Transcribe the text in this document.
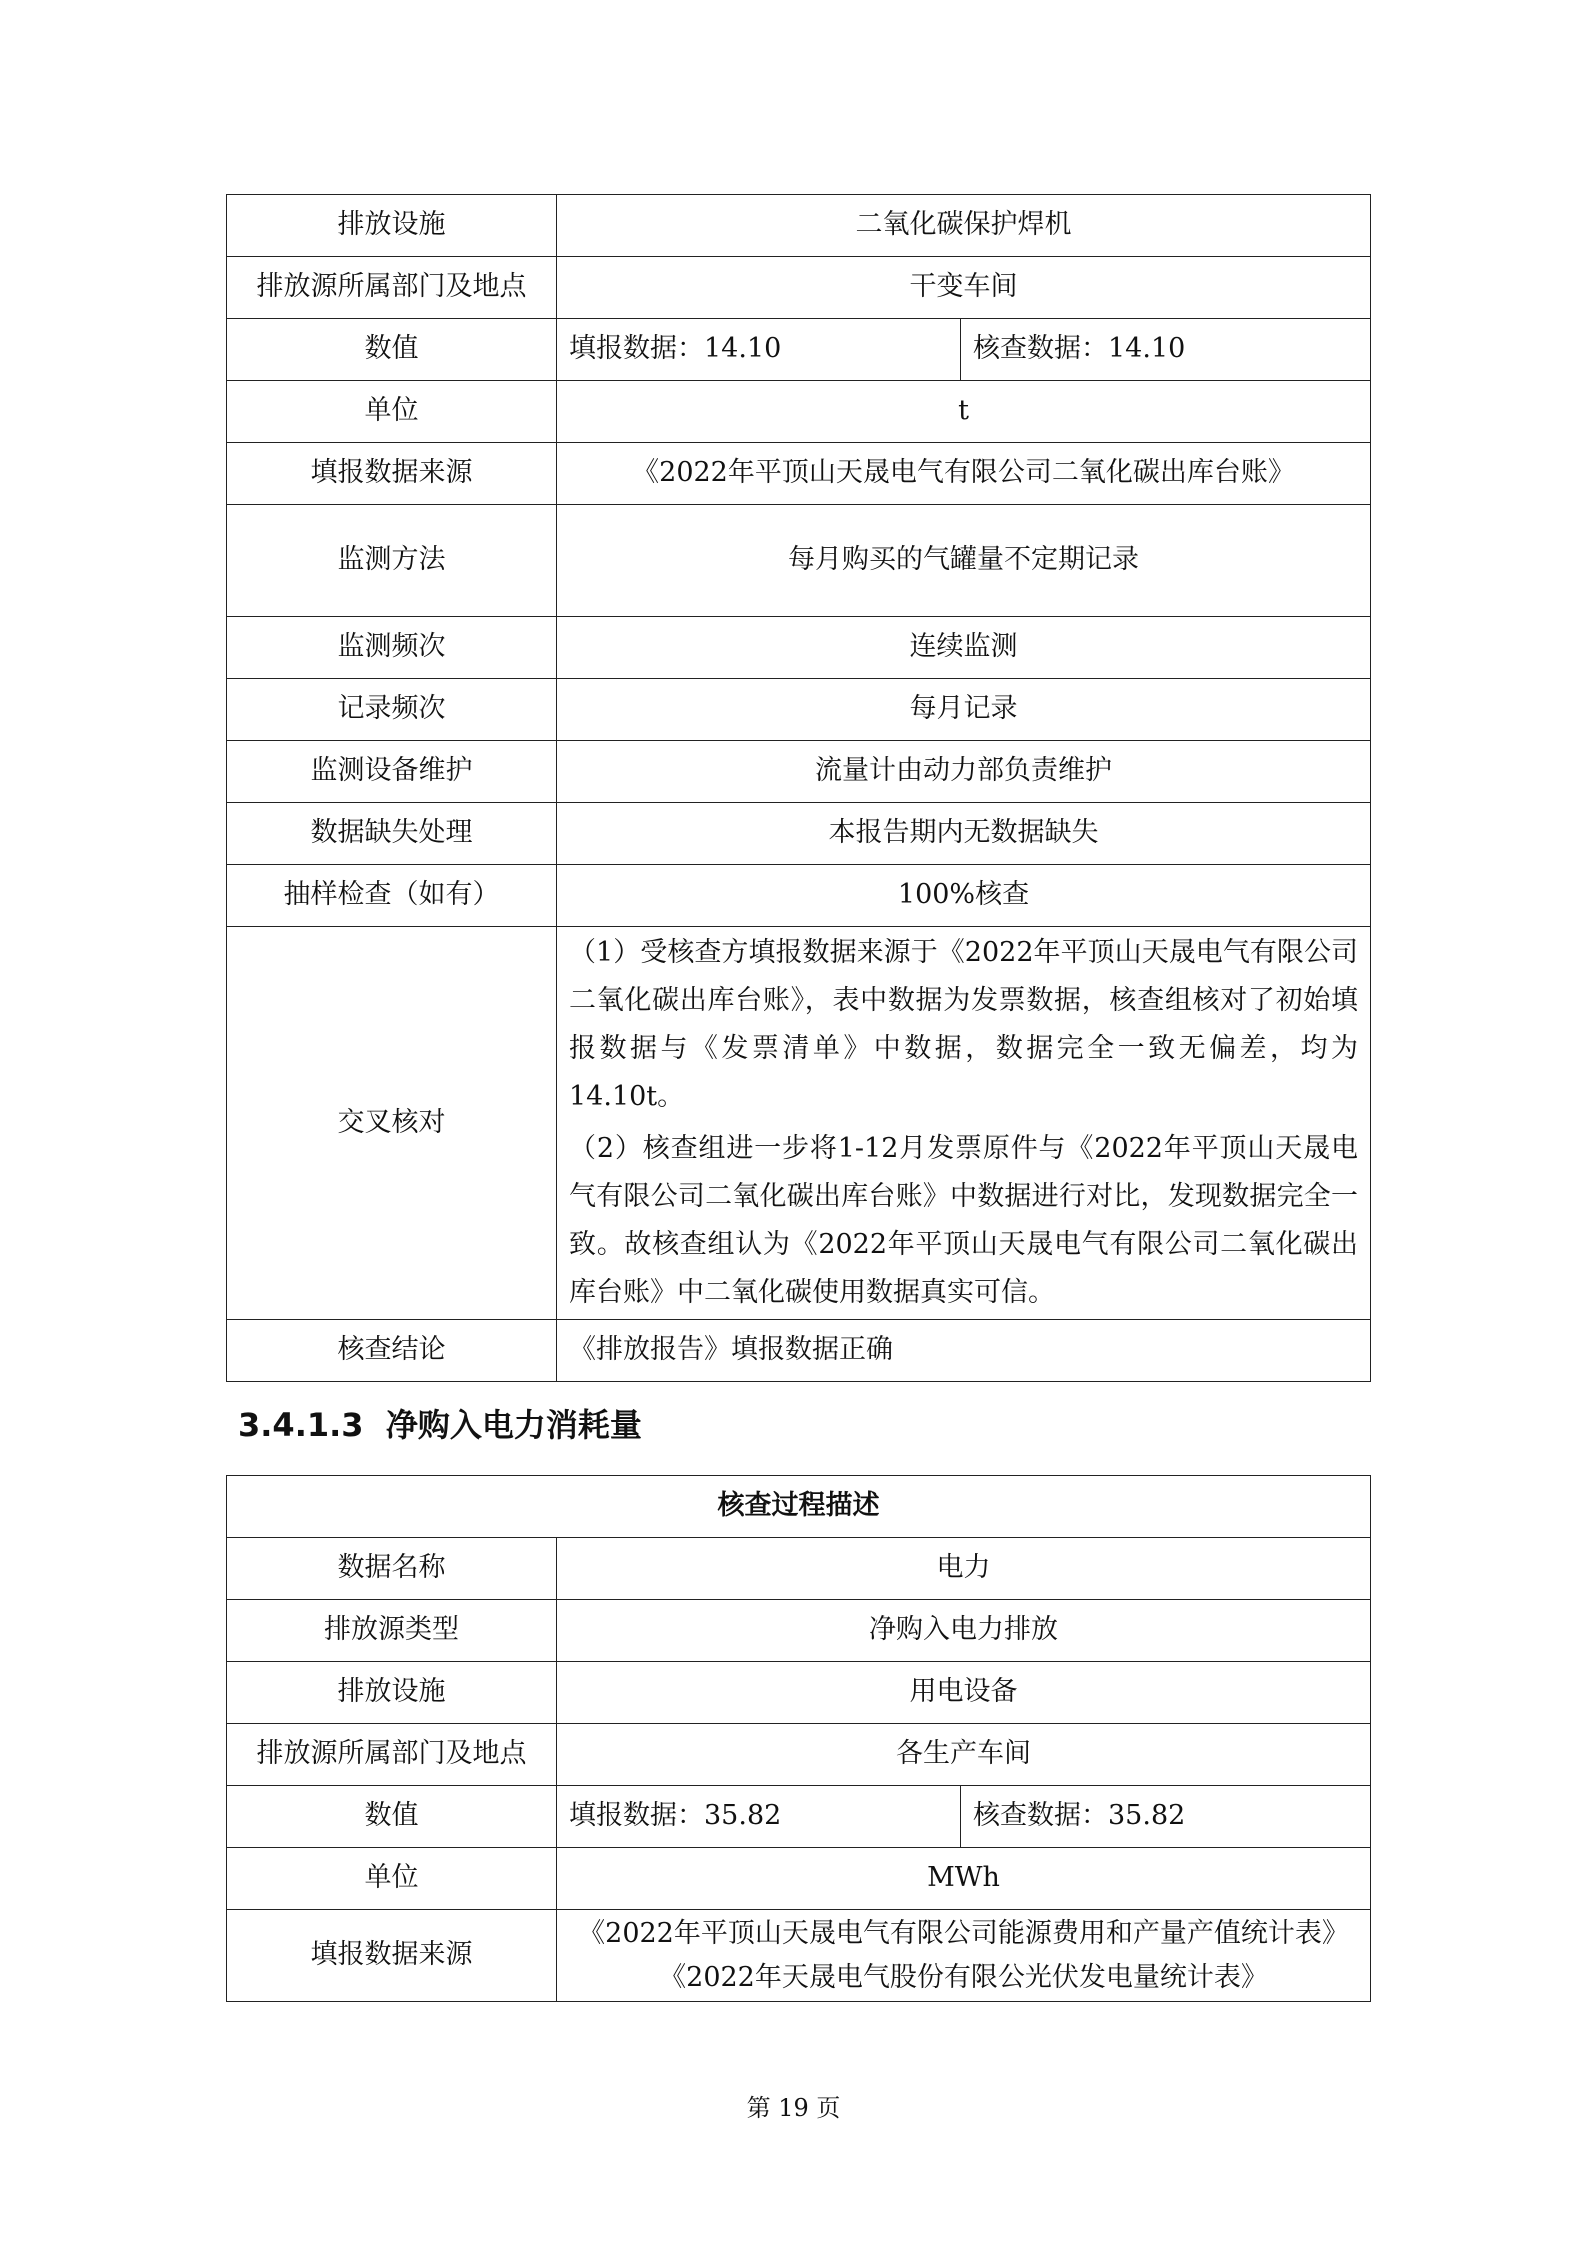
排放设施	二氧化碳保护焊机	
排放源所属部门及地点	干变车间	
数值	填报数据：14.10	核查数据：14.10
单位	t	
填报数据来源	《2022年平顶山天晟电气有限公司二氧化碳出库台账》	
监测方法	每月购买的气罐量不定期记录	
监测频次	连续监测	
记录频次	每月记录	
监测设备维护	流量计由动力部负责维护	
数据缺失处理	本报告期内无数据缺失	
抽样检查（如有）	100%核查	
交叉核对	（1）受核查方填报数据来源于《2022年平顶山天晟电气有限公司二氧化碳出库台账》，表中数据为发票数据，核查组核对了初始填报数据与《发票清单》中数据，数据完全一致无偏差，均为14.10t。
（2）核查组进一步将1-12月发票原件与《2022年平顶山天晟电气有限公司二氧化碳出库台账》中数据进行对比，发现数据完全一致。故核查组认为《2022年平顶山天晟电气有限公司二氧化碳出库台账》中二氧化碳使用数据真实可信。	

核查结论	《排放报告》填报数据正确	
3.4.1.3 净购入电力消耗量
核查过程描述		
数据名称	电力	
排放源类型	净购入电力排放	
排放设施	用电设备	
排放源所属部门及地点	各生产车间	
数值	填报数据：35.82	核查数据：35.82
单位	MWh	
填报数据来源	《2022年平顶山天晟电气有限公司能源费用和产量产值统计表》
《2022年天晟电气股份有限公光伏发电量统计表》	
第 19 页
